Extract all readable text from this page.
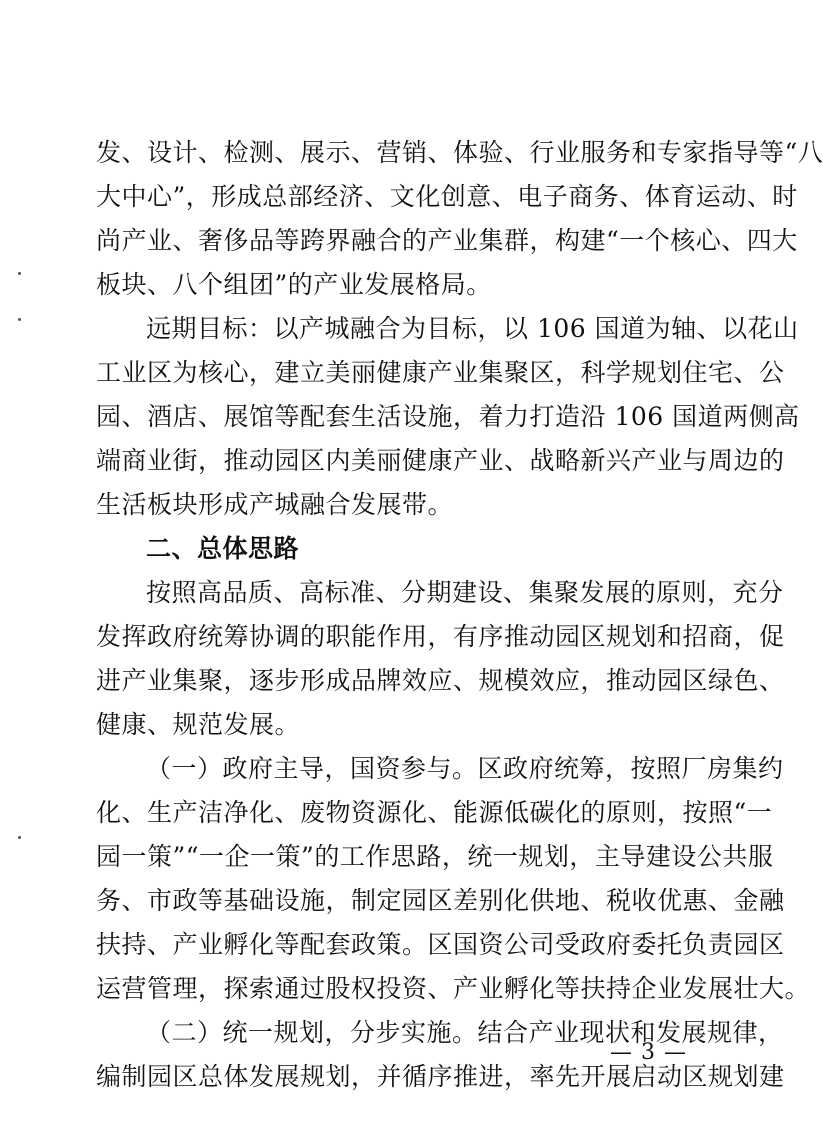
发、设计、检测、展示、营销、体验、行业服务和专家指导等“八
大中心”，形成总部经济、文化创意、电子商务、体育运动、时
尚产业、奢侈品等跨界融合的产业集群，构建“一个核心、四大
板块、八个组团”的产业发展格局。
远期目标：以产城融合为目标，以 106 国道为轴、以花山
工业区为核心，建立美丽健康产业集聚区，科学规划住宅、公
园、酒店、展馆等配套生活设施，着力打造沿 106 国道两侧高
端商业街，推动园区内美丽健康产业、战略新兴产业与周边的
生活板块形成产城融合发展带。
二、总体思路
按照高品质、高标准、分期建设、集聚发展的原则，充分
发挥政府统筹协调的职能作用，有序推动园区规划和招商，促
进产业集聚，逐步形成品牌效应、规模效应，推动园区绿色、
健康、规范发展。
（一）政府主导，国资参与。区政府统筹，按照厂房集约
化、生产洁净化、废物资源化、能源低碳化的原则，按照“一
园一策”“一企一策”的工作思路，统一规划，主导建设公共服
务、市政等基础设施，制定园区差别化供地、税收优惠、金融
扶持、产业孵化等配套政策。区国资公司受政府委托负责园区
运营管理，探索通过股权投资、产业孵化等扶持企业发展壮大。
（二）统一规划，分步实施。结合产业现状和发展规律，
编制园区总体发展规划，并循序推进，率先开展启动区规划建
— 3 —
